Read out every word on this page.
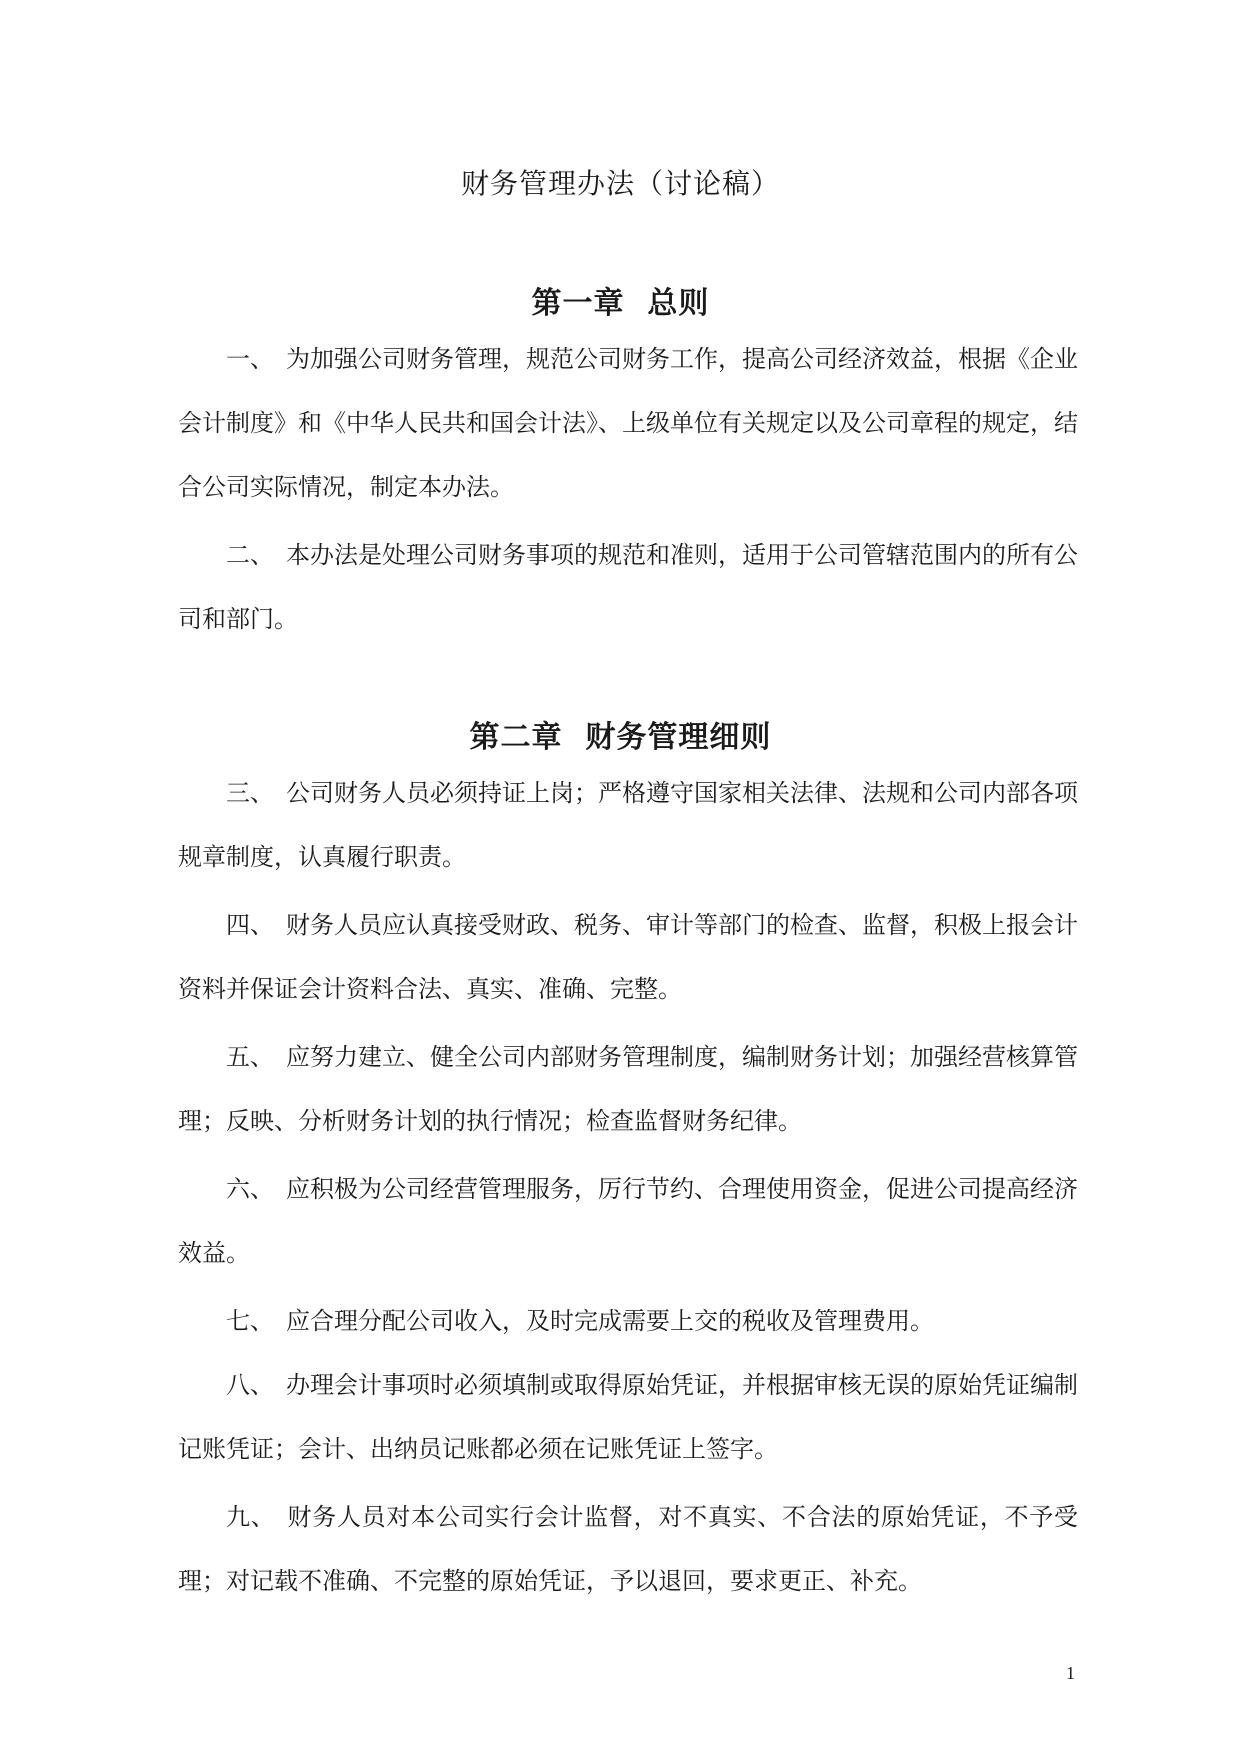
财务管理办法（讨论稿）
第一章  总则

一、 为加强公司财务管理，规范公司财务工作，提高公司经济效益，根据《企业会计制度》和《中华人民共和国会计法》、上级单位有关规定以及公司章程的规定，结合公司实际情况，制定本办法。

二、 本办法是处理公司财务事项的规范和准则，适用于公司管辖范围内的所有公司和部门。

第二章  财务管理细则

三、 公司财务人员必须持证上岗；严格遵守国家相关法律、法规和公司内部各项规章制度，认真履行职责。

四、 财务人员应认真接受财政、税务、审计等部门的检查、监督，积极上报会计资料并保证会计资料合法、真实、准确、完整。

五、 应努力建立、健全公司内部财务管理制度，编制财务计划；加强经营核算管理；反映、分析财务计划的执行情况；检查监督财务纪律。

六、 应积极为公司经营管理服务，厉行节约、合理使用资金，促进公司提高经济效益。

七、 应合理分配公司收入，及时完成需要上交的税收及管理费用。

八、 办理会计事项时必须填制或取得原始凭证，并根据审核无误的原始凭证编制记账凭证；会计、出纳员记账都必须在记账凭证上签字。

九、 财务人员对本公司实行会计监督，对不真实、不合法的原始凭证，不予受理；对记载不准确、不完整的原始凭证，予以退回，要求更正、补充。

1
